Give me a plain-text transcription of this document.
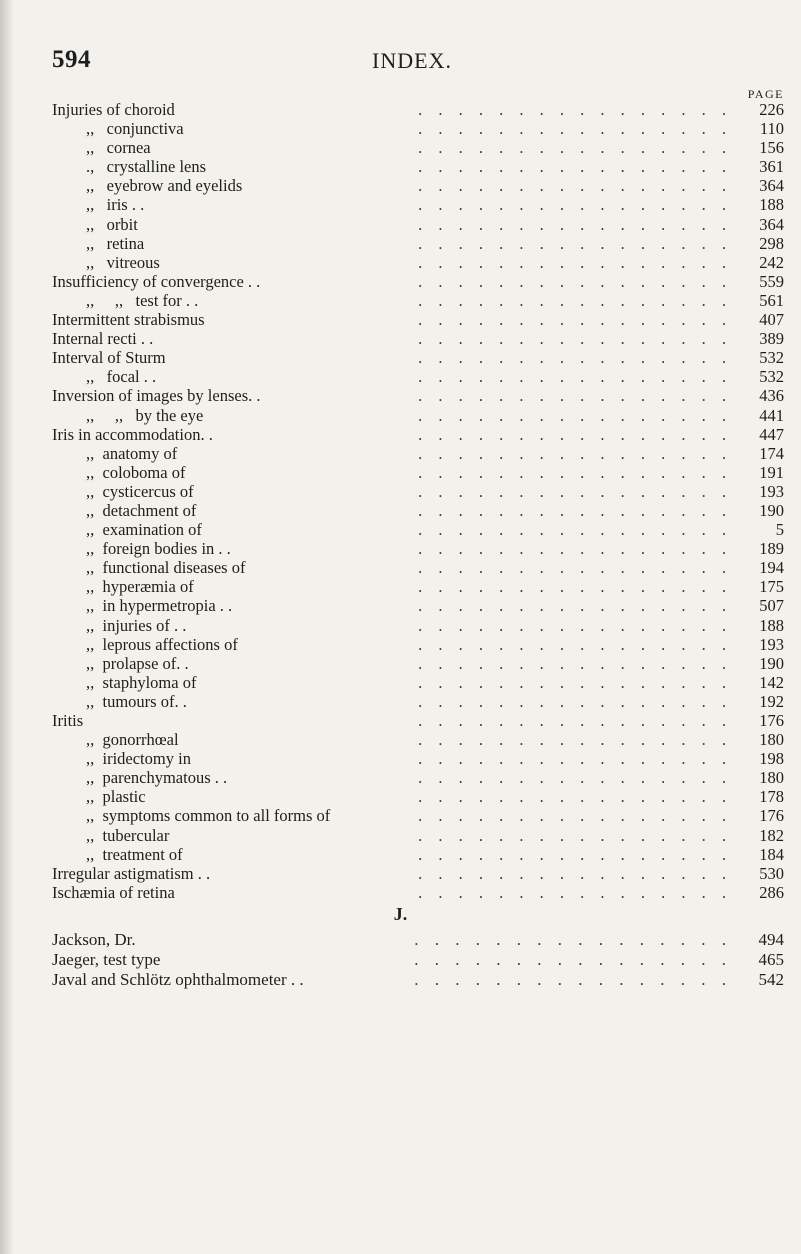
594	INDEX.
PAGE
Injuries of choroid	. . . . . . . . . . . . . . . .	226
,,   conjunctiva	. . . . . . . . . . . . . . . .	110
,,   cornea	. . . . . . . . . . . . . . . .	156
.,   crystalline lens	. . . . . . . . . . . . . . . .	361
,,   eyebrow and eyelids	. . . . . . . . . . . . . . . .	364
,,   iris . .	. . . . . . . . . . . . . . . .	188
,,   orbit	. . . . . . . . . . . . . . . .	364
,,   retina	. . . . . . . . . . . . . . . .	298
,,   vitreous	. . . . . . . . . . . . . . . .	242
Insufficiency of convergence . .	. . . . . . . . . . . . . . . .	559
,,     ,,   test for . .	. . . . . . . . . . . . . . . .	561
Intermittent strabismus	. . . . . . . . . . . . . . . .	407
Internal recti . .	. . . . . . . . . . . . . . . .	389
Interval of Sturm	. . . . . . . . . . . . . . . .	532
,,   focal . .	. . . . . . . . . . . . . . . .	532
Inversion of images by lenses. .	. . . . . . . . . . . . . . . .	436
,,     ,,   by the eye	. . . . . . . . . . . . . . . .	441
Iris in accommodation. .	. . . . . . . . . . . . . . . .	447
,,  anatomy of	. . . . . . . . . . . . . . . .	174
,,  coloboma of	. . . . . . . . . . . . . . . .	191
,,  cysticercus of	. . . . . . . . . . . . . . . .	193
,,  detachment of	. . . . . . . . . . . . . . . .	190
,,  examination of	. . . . . . . . . . . . . . . .	5
,,  foreign bodies in . .	. . . . . . . . . . . . . . . .	189
,,  functional diseases of	. . . . . . . . . . . . . . . .	194
,,  hyperæmia of	. . . . . . . . . . . . . . . .	175
,,  in hypermetropia . .	. . . . . . . . . . . . . . . .	507
,,  injuries of . .	. . . . . . . . . . . . . . . .	188
,,  leprous affections of	. . . . . . . . . . . . . . . .	193
,,  prolapse of. .	. . . . . . . . . . . . . . . .	190
,,  staphyloma of	. . . . . . . . . . . . . . . .	142
,,  tumours of. .	. . . . . . . . . . . . . . . .	192
Iritis	. . . . . . . . . . . . . . . .	176
,,  gonorrhœal	. . . . . . . . . . . . . . . .	180
,,  iridectomy in	. . . . . . . . . . . . . . . .	198
,,  parenchymatous . .	. . . . . . . . . . . . . . . .	180
,,  plastic	. . . . . . . . . . . . . . . .	178
,,  symptoms common to all forms of	. . . . . . . . . . . . . . . .	176
,,  tubercular	. . . . . . . . . . . . . . . .	182
,,  treatment of	. . . . . . . . . . . . . . . .	184
Irregular astigmatism . .	. . . . . . . . . . . . . . . .	530
Ischæmia of retina	. . . . . . . . . . . . . . . .	286
J.
Jackson, Dr.	. . . . . . . . . . . . . . . .	494
Jaeger, test type	. . . . . . . . . . . . . . . .	465
Javal and Schlötz ophthalmometer . .	. . . . . . . . . . . . . . . .	542
